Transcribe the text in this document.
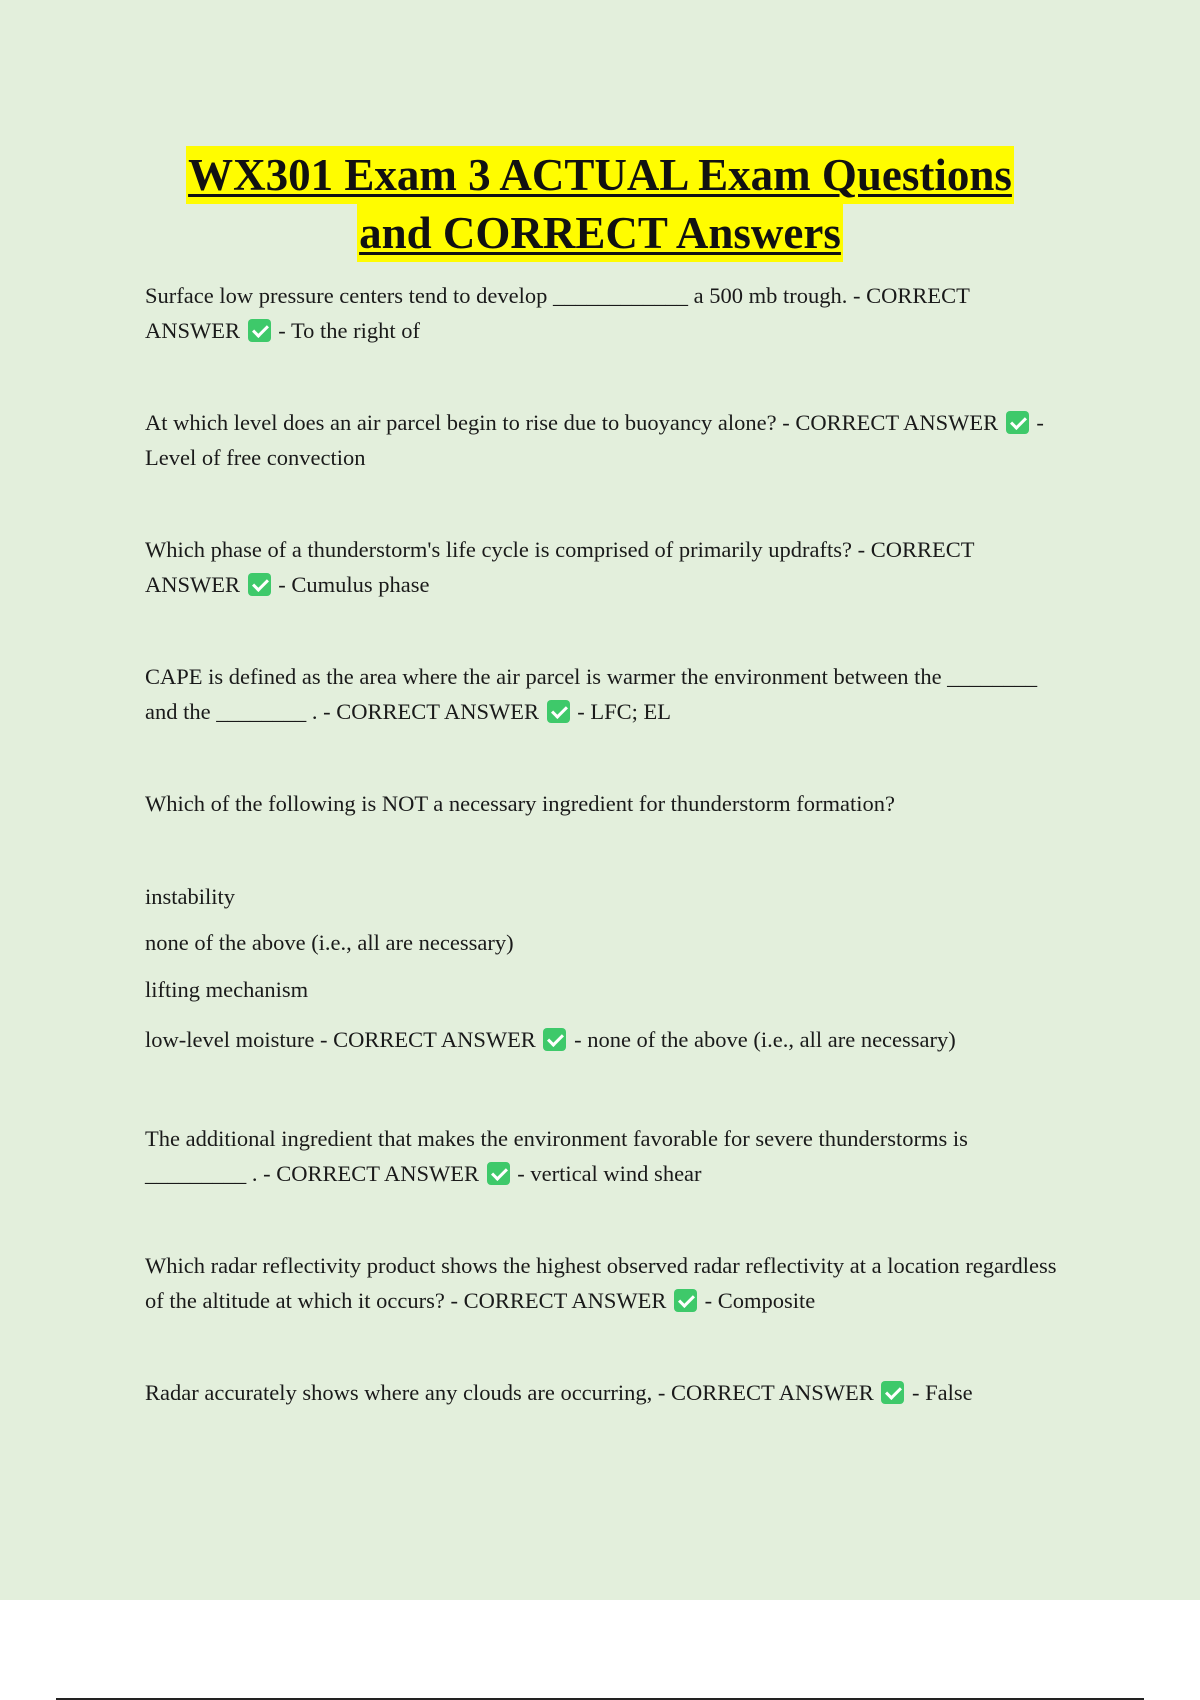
WX301 Exam 3 ACTUAL Exam Questions
and CORRECT Answers

Surface low pressure centers tend to develop ____________ a 500 mb trough. - CORRECT ANSWER - To the right of

At which level does an air parcel begin to rise due to buoyancy alone? - CORRECT ANSWER - Level of free convection

Which phase of a thunderstorm's life cycle is comprised of primarily updrafts? - CORRECT ANSWER - Cumulus phase

CAPE is defined as the area where the air parcel is warmer the environment between the ________ and the ________ . - CORRECT ANSWER - LFC; EL

Which of the following is NOT a necessary ingredient for thunderstorm formation?

instability

none of the above (i.e., all are necessary)

lifting mechanism

low-level moisture - CORRECT ANSWER - none of the above (i.e., all are necessary)

The additional ingredient that makes the environment favorable for severe thunderstorms is _________ . - CORRECT ANSWER - vertical wind shear

Which radar reflectivity product shows the highest observed radar reflectivity at a location regardless of the altitude at which it occurs? - CORRECT ANSWER - Composite

Radar accurately shows where any clouds are occurring, - CORRECT ANSWER - False
